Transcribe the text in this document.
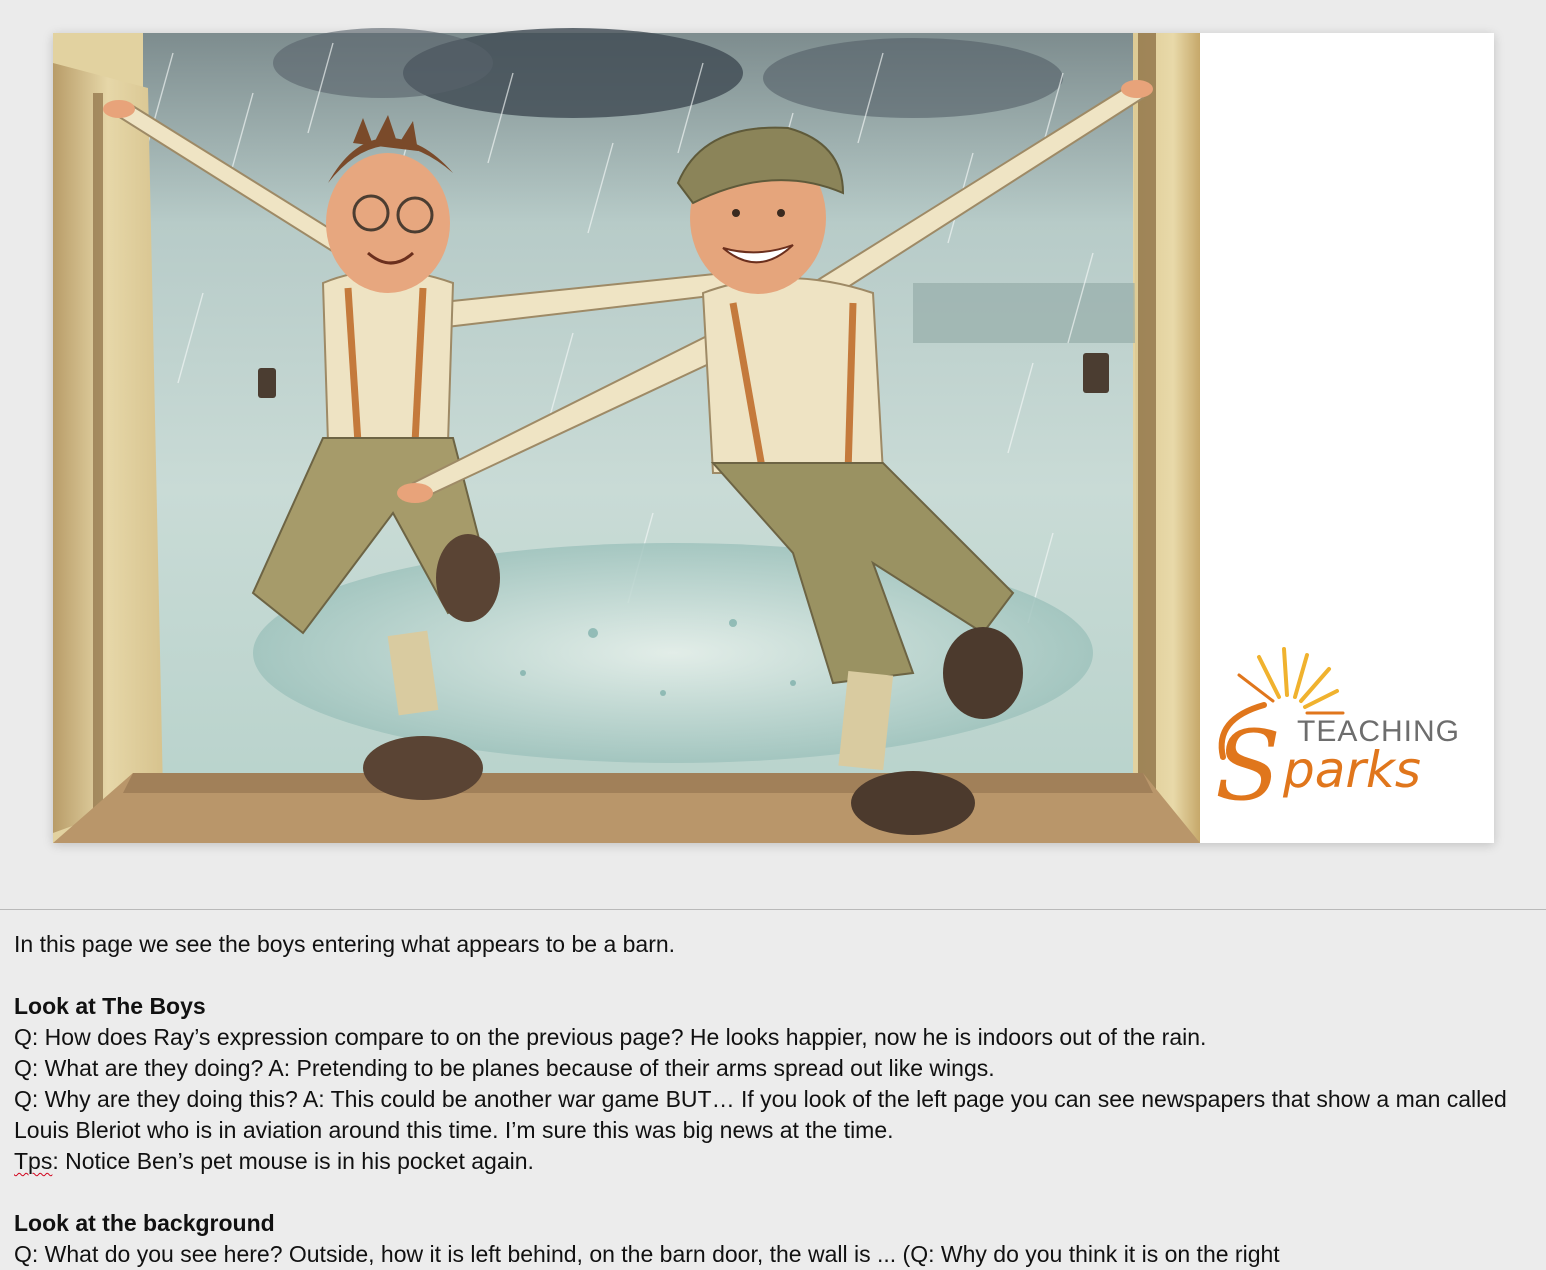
TEACHING
S parks

In this page we see the boys entering what appears to be a barn.

Look at The Boys

Q: How does Ray’s expression compare to on the previous page? He looks happier, now he is indoors out of the rain.

Q: What are they doing? A: Pretending to be planes because of their arms spread out like wings.

Q: Why are they doing this? A: This could be another war game BUT… If you look of the left page you can see newspapers that show a man called Louis Bleriot who is in aviation around this time. I’m sure this was big news at the time.

Tps: Notice Ben’s pet mouse is in his pocket again.

Look at the background

Q: What do you see here? Outside, how it is left behind, on the barn door, the wall is ... (Q: Why do you think it is on the right
